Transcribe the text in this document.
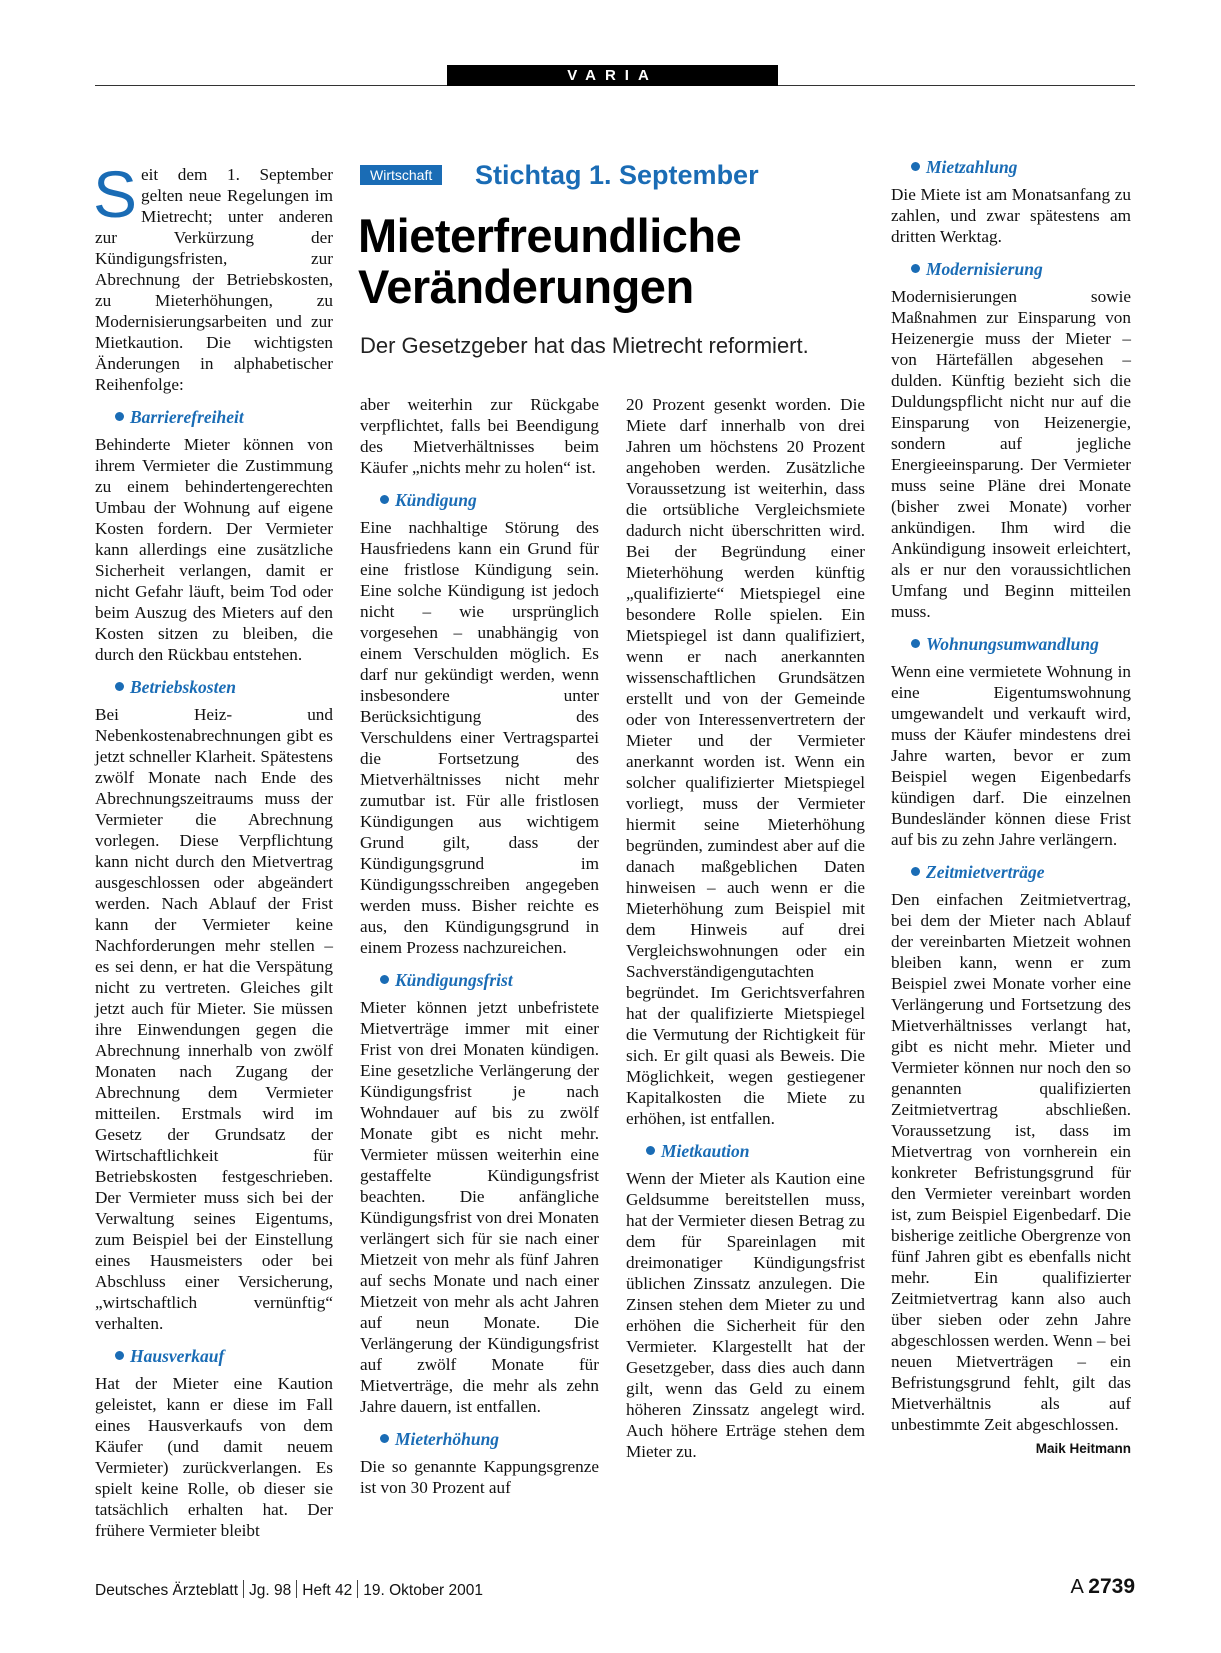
VARIA
Wirtschaft	Stichtag 1. September
Mieterfreundliche
Veränderungen
Der Gesetzgeber hat das Mietrecht reformiert.

Seit dem 1. September gelten neue Regelungen im Mietrecht; unter anderen zur Verkürzung der Kündigungsfristen, zur Abrechnung der Betriebskosten, zu Mieterhöhungen, zu Modernisierungsarbeiten und zur Mietkaution. Die wichtigsten Änderungen in alphabetischer Reihenfolge:

Barrierefreiheit

Behinderte Mieter können von ihrem Vermieter die Zustimmung zu einem behindertengerechten Umbau der Wohnung auf eigene Kosten fordern. Der Vermieter kann allerdings eine zusätzliche Sicherheit verlangen, damit er nicht Gefahr läuft, beim Tod oder beim Auszug des Mieters auf den Kosten sitzen zu bleiben, die durch den Rückbau entstehen.

Betriebskosten

Bei Heiz- und Nebenkostenabrechnungen gibt es jetzt schneller Klarheit. Spätestens zwölf Monate nach Ende des Abrechnungszeitraums muss der Vermieter die Abrechnung vorlegen. Diese Verpflichtung kann nicht durch den Mietvertrag ausgeschlossen oder abgeändert werden. Nach Ablauf der Frist kann der Vermieter keine Nachforderungen mehr stellen – es sei denn, er hat die Verspätung nicht zu vertreten. Gleiches gilt jetzt auch für Mieter. Sie müssen ihre Einwendungen gegen die Abrechnung innerhalb von zwölf Monaten nach Zugang der Abrechnung dem Vermieter mitteilen. Erstmals wird im Gesetz der Grundsatz der Wirtschaftlichkeit für Betriebskosten festgeschrieben. Der Vermieter muss sich bei der Verwaltung seines Eigentums, zum Beispiel bei der Einstellung eines Hausmeisters oder bei Abschluss einer Versicherung, „wirtschaftlich vernünftig“ verhalten.

Hausverkauf

Hat der Mieter eine Kaution geleistet, kann er diese im Fall eines Hausverkaufs von dem Käufer (und damit neuem Vermieter) zurückverlangen. Es spielt keine Rolle, ob dieser sie tatsächlich erhalten hat. Der frühere Vermieter bleibt

aber weiterhin zur Rückgabe verpflichtet, falls bei Beendigung des Mietverhältnisses beim Käufer „nichts mehr zu holen“ ist.

Kündigung

Eine nachhaltige Störung des Hausfriedens kann ein Grund für eine fristlose Kündigung sein. Eine solche Kündigung ist jedoch nicht – wie ursprünglich vorgesehen – unabhängig von einem Verschulden möglich. Es darf nur gekündigt werden, wenn insbesondere unter Berücksichtigung des Verschuldens einer Vertragspartei die Fortsetzung des Mietverhältnisses nicht mehr zumutbar ist. Für alle fristlosen Kündigungen aus wichtigem Grund gilt, dass der Kündigungsgrund im Kündigungsschreiben angegeben werden muss. Bisher reichte es aus, den Kündigungsgrund in einem Prozess nachzureichen.

Kündigungsfrist

Mieter können jetzt unbefristete Mietverträge immer mit einer Frist von drei Monaten kündigen. Eine gesetzliche Verlängerung der Kündigungsfrist je nach Wohndauer auf bis zu zwölf Monate gibt es nicht mehr. Vermieter müssen weiterhin eine gestaffelte Kündigungsfrist beachten. Die anfängliche Kündigungsfrist von drei Monaten verlängert sich für sie nach einer Mietzeit von mehr als fünf Jahren auf sechs Monate und nach einer Mietzeit von mehr als acht Jahren auf neun Monate. Die Verlängerung der Kündigungsfrist auf zwölf Monate für Mietverträge, die mehr als zehn Jahre dauern, ist entfallen.

Mieterhöhung

Die so genannte Kappungsgrenze ist von 30 Prozent auf

20 Prozent gesenkt worden. Die Miete darf innerhalb von drei Jahren um höchstens 20 Prozent angehoben werden. Zusätzliche Voraussetzung ist weiterhin, dass die ortsübliche Vergleichsmiete dadurch nicht überschritten wird. Bei der Begründung einer Mieterhöhung werden künftig „qualifizierte“ Mietspiegel eine besondere Rolle spielen. Ein Mietspiegel ist dann qualifiziert, wenn er nach anerkannten wissenschaftlichen Grundsätzen erstellt und von der Gemeinde oder von Interessenvertretern der Mieter und der Vermieter anerkannt worden ist. Wenn ein solcher qualifizierter Mietspiegel vorliegt, muss der Vermieter hiermit seine Mieterhöhung begründen, zumindest aber auf die danach maßgeblichen Daten hinweisen – auch wenn er die Mieterhöhung zum Beispiel mit dem Hinweis auf drei Vergleichswohnungen oder ein Sachverständigengutachten begründet. Im Gerichtsverfahren hat der qualifizierte Mietspiegel die Vermutung der Richtigkeit für sich. Er gilt quasi als Beweis. Die Möglichkeit, wegen gestiegener Kapitalkosten die Miete zu erhöhen, ist entfallen.

Mietkaution

Wenn der Mieter als Kaution eine Geldsumme bereitstellen muss, hat der Vermieter diesen Betrag zu dem für Spareinlagen mit dreimonatiger Kündigungsfrist üblichen Zinssatz anzulegen. Die Zinsen stehen dem Mieter zu und erhöhen die Sicherheit für den Vermieter. Klargestellt hat der Gesetzgeber, dass dies auch dann gilt, wenn das Geld zu einem höheren Zinssatz angelegt wird. Auch höhere Erträge stehen dem Mieter zu.

Mietzahlung

Die Miete ist am Monatsanfang zu zahlen, und zwar spätestens am dritten Werktag.

Modernisierung

Modernisierungen sowie Maßnahmen zur Einsparung von Heizenergie muss der Mieter – von Härtefällen abgesehen – dulden. Künftig bezieht sich die Duldungspflicht nicht nur auf die Einsparung von Heizenergie, sondern auf jegliche Energieeinsparung. Der Vermieter muss seine Pläne drei Monate (bisher zwei Monate) vorher ankündigen. Ihm wird die Ankündigung insoweit erleichtert, als er nur den voraussichtlichen Umfang und Beginn mitteilen muss.

Wohnungsumwandlung

Wenn eine vermietete Wohnung in eine Eigentumswohnung umgewandelt und verkauft wird, muss der Käufer mindestens drei Jahre warten, bevor er zum Beispiel wegen Eigenbedarfs kündigen darf. Die einzelnen Bundesländer können diese Frist auf bis zu zehn Jahre verlängern.

Zeitmietverträge

Den einfachen Zeitmietvertrag, bei dem der Mieter nach Ablauf der vereinbarten Mietzeit wohnen bleiben kann, wenn er zum Beispiel zwei Monate vorher eine Verlängerung und Fortsetzung des Mietverhältnisses verlangt hat, gibt es nicht mehr. Mieter und Vermieter können nur noch den so genannten qualifizierten Zeitmietvertrag abschließen. Voraussetzung ist, dass im Mietvertrag von vornherein ein konkreter Befristungsgrund für den Vermieter vereinbart worden ist, zum Beispiel Eigenbedarf. Die bisherige zeitliche Obergrenze von fünf Jahren gibt es ebenfalls nicht mehr. Ein qualifizierter Zeitmietvertrag kann also auch über sieben oder zehn Jahre abgeschlossen werden. Wenn – bei neuen Mietverträgen – ein Befristungsgrund fehlt, gilt das Mietverhältnis als auf unbestimmte Zeit abgeschlossen.
Maik Heitmann

Deutsches Ärzteblatt Jg. 98 Heft 42 19. Oktober 2001	A 2739
